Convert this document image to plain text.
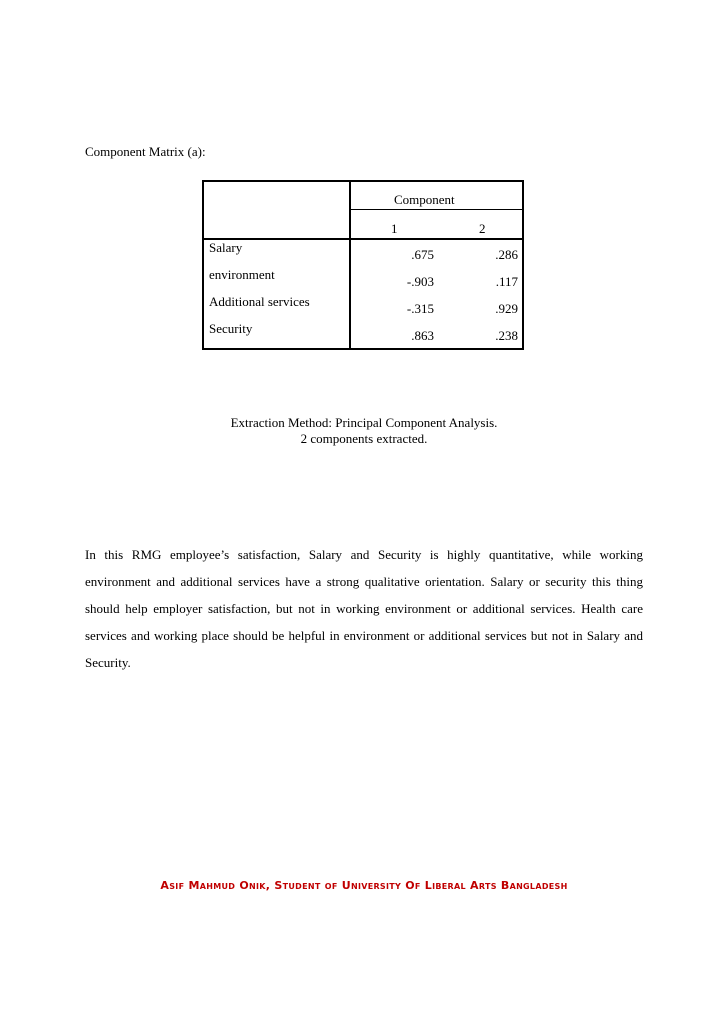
Component Matrix (a):
Component
1	2
Salary	.675	.286
environment	-.903	.117
Additional services	-.315	.929
Security	.863	.238
Extraction Method: Principal Component Analysis.
2 components extracted.

In this RMG employee’s satisfaction, Salary and Security is highly quantitative, while working environment and additional services have a strong qualitative orientation. Salary or security this thing should help employer satisfaction, but not in working environment or additional services. Health care services and working place should be helpful in environment or additional services but not in Salary and Security.

Asif Mahmud Onik, Student of University Of Liberal Arts Bangladesh
